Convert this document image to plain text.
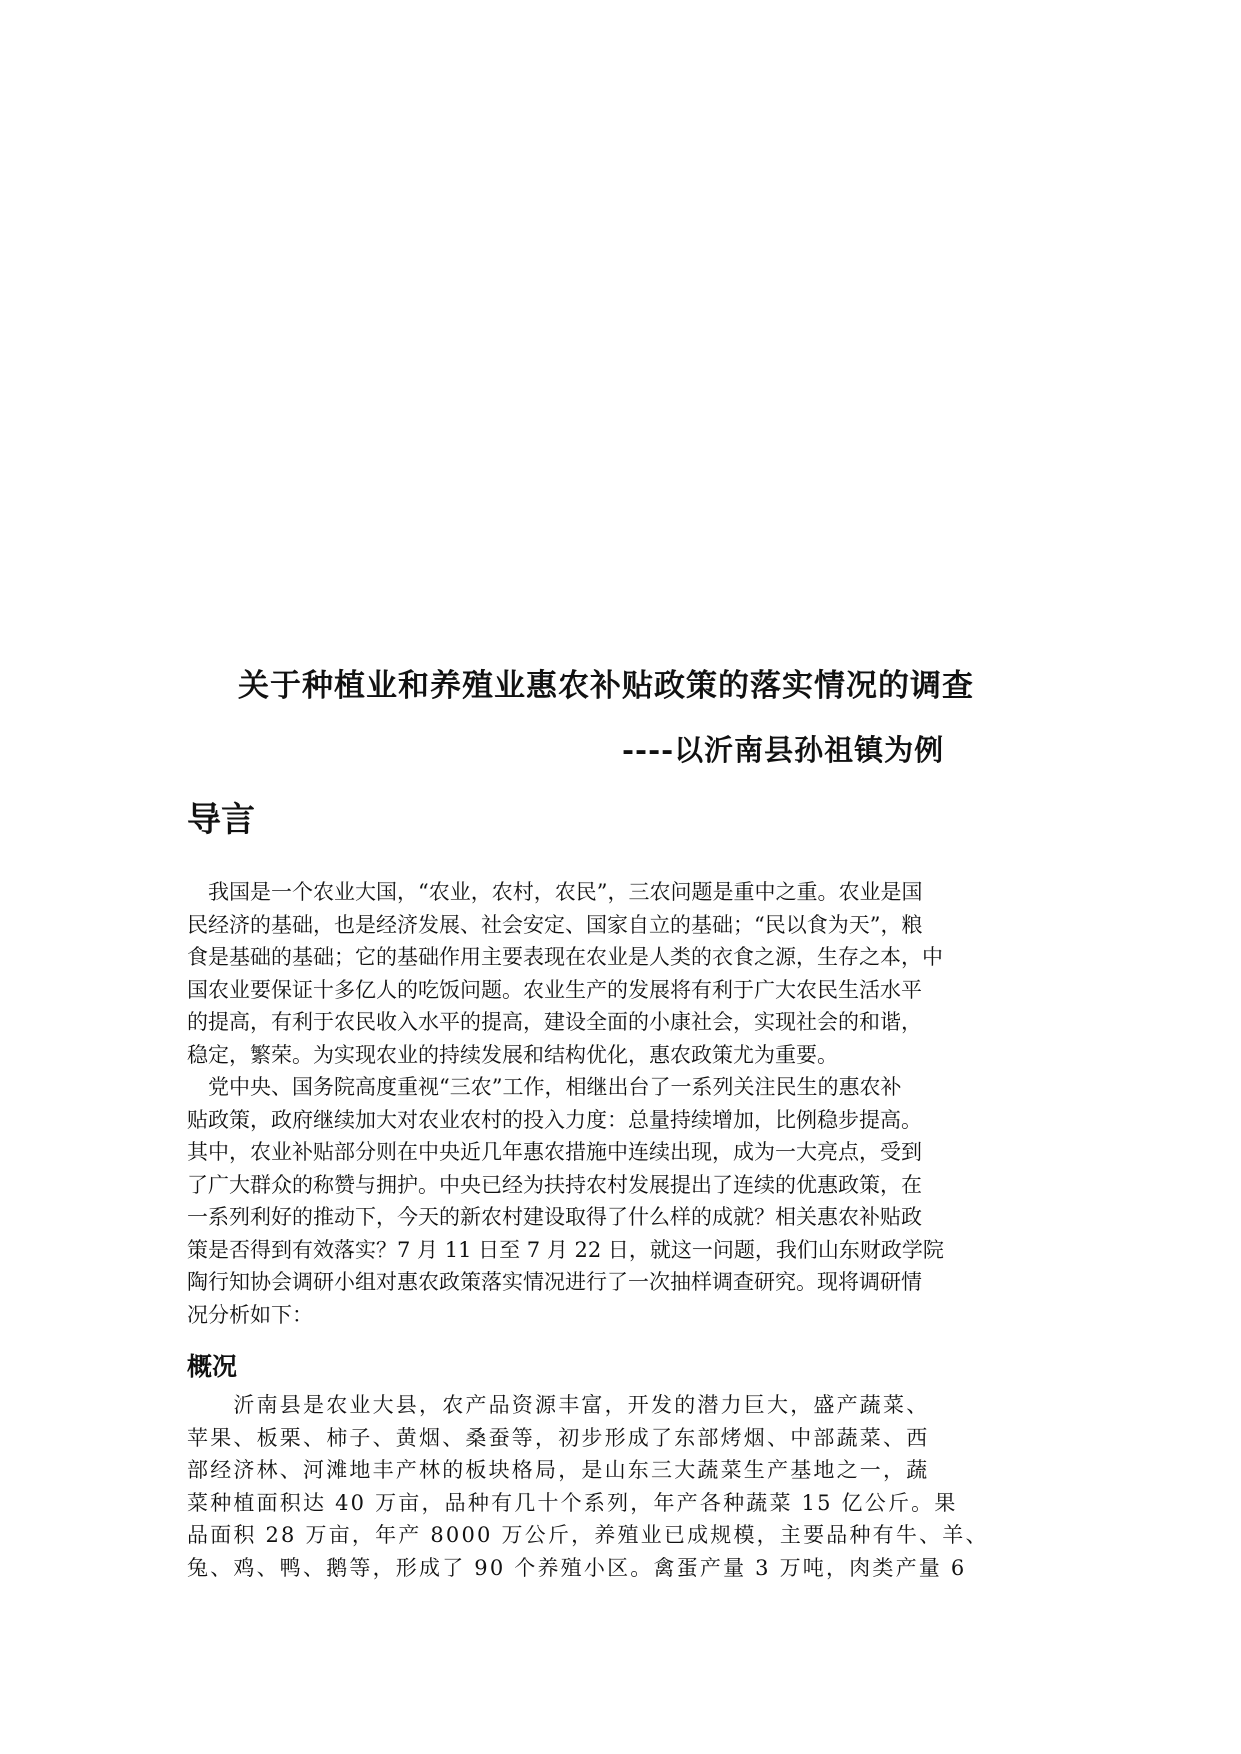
关于种植业和养殖业惠农补贴政策的落实情况的调查
----以沂南县孙祖镇为例
导言

　我国是一个农业大国，“农业，农村，农民”，三农问题是重中之重。农业是国
民经济的基础，也是经济发展、社会安定、国家自立的基础；“民以食为天”，粮
食是基础的基础；它的基础作用主要表现在农业是人类的衣食之源，生存之本，中
国农业要保证十多亿人的吃饭问题。农业生产的发展将有利于广大农民生活水平
的提高，有利于农民收入水平的提高，建设全面的小康社会，实现社会的和谐，
稳定，繁荣。为实现农业的持续发展和结构优化，惠农政策尤为重要。

　党中央、国务院高度重视“三农”工作，相继出台了一系列关注民生的惠农补
贴政策，政府继续加大对农业农村的投入力度：总量持续增加，比例稳步提高。
其中，农业补贴部分则在中央近几年惠农措施中连续出现，成为一大亮点，受到
了广大群众的称赞与拥护。中央已经为扶持农村发展提出了连续的优惠政策，在
一系列利好的推动下，今天的新农村建设取得了什么样的成就？相关惠农补贴政
策是否得到有效落实？7 月 11 日至 7 月 22 日，就这一问题，我们山东财政学院
陶行知协会调研小组对惠农政策落实情况进行了一次抽样调查研究。现将调研情
况分析如下：

概况

　　沂南县是农业大县，农产品资源丰富，开发的潜力巨大，盛产蔬菜、
苹果、板栗、柿子、黄烟、桑蚕等，初步形成了东部烤烟、中部蔬菜、西
部经济林、河滩地丰产林的板块格局，是山东三大蔬菜生产基地之一，蔬
菜种植面积达 40 万亩，品种有几十个系列，年产各种蔬菜 15 亿公斤。果
品面积 28 万亩，年产 8000 万公斤，养殖业已成规模，主要品种有牛、羊、
兔、鸡、鸭、鹅等，形成了 90 个养殖小区。禽蛋产量 3 万吨，肉类产量 6
